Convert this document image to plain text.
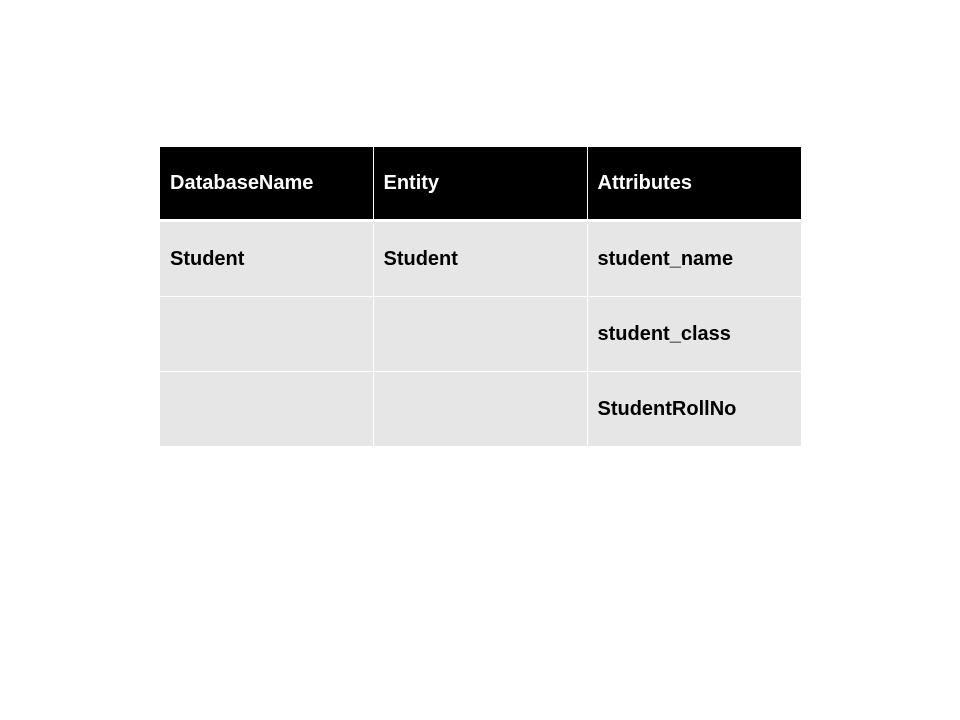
DatabaseName	Entity	Attributes
Student	Student	student_name
		student_class
		StudentRollNo
